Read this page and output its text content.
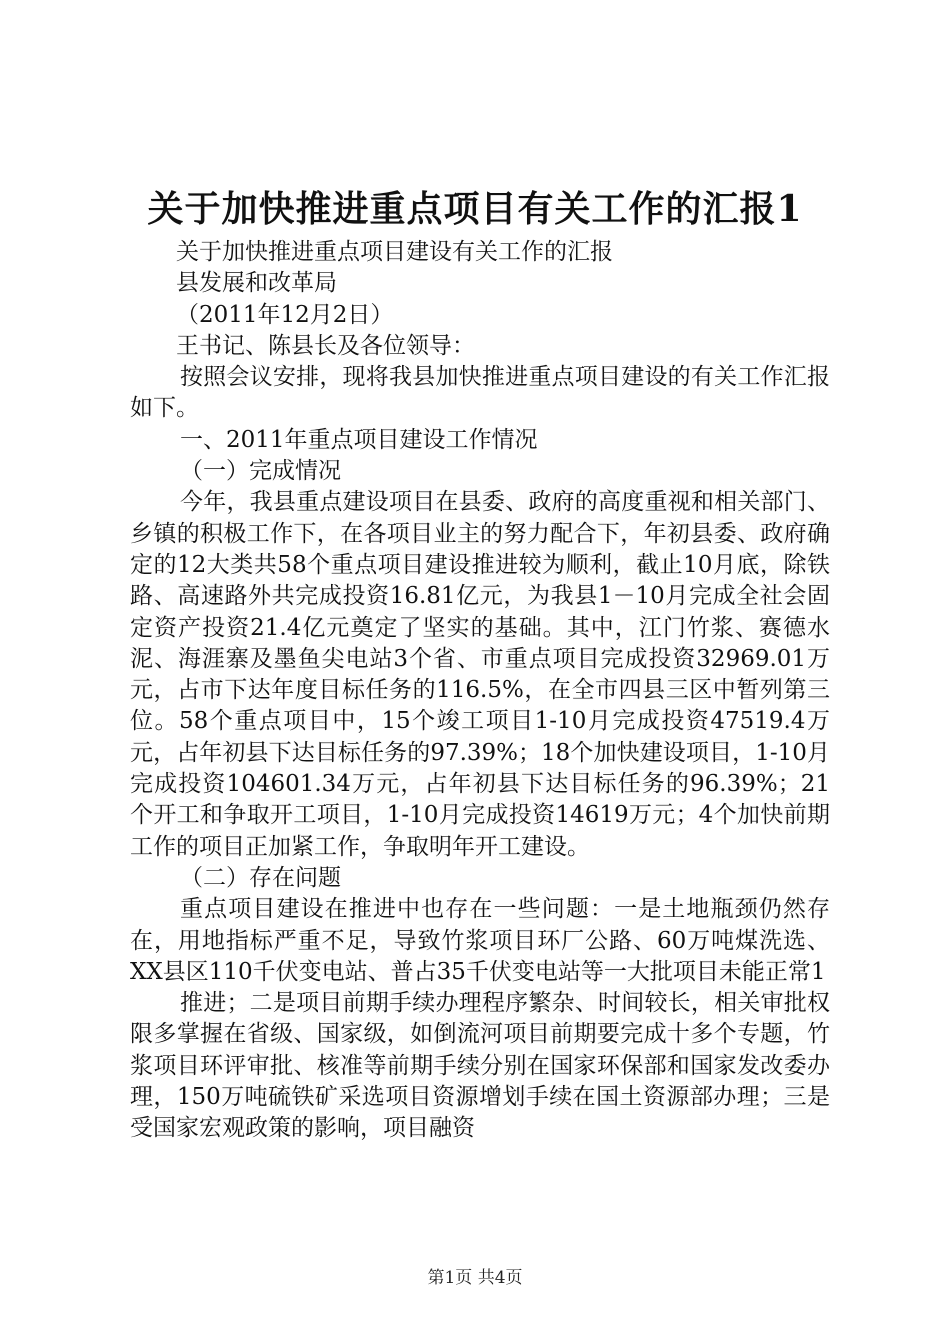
关于加快推进重点项目有关工作的汇报1

关于加快推进重点项目建设有关工作的汇报

县发展和改革局

（2011年12月2日）

王书记、陈县长及各位领导：

按照会议安排，现将我县加快推进重点项目建设的有关工作汇报如下。

一、2011年重点项目建设工作情况

（一）完成情况

今年，我县重点建设项目在县委、政府的高度重视和相关部门、乡镇的积极工作下，在各项目业主的努力配合下，年初县委、政府确定的12大类共58个重点项目建设推进较为顺利，截止10月底，除铁路、高速路外共完成投资16.81亿元，为我县1－10月完成全社会固定资产投资21.4亿元奠定了坚实的基础。其中，江门竹浆、赛德水泥、海涯寨及墨鱼尖电站3个省、市重点项目完成投资32969.01万元，占市下达年度目标任务的116.5%，在全市四县三区中暂列第三位。58个重点项目中，15个竣工项目1-10月完成投资47519.4万元，占年初县下达目标任务的97.39%；18个加快建设项目，1-10月完成投资104601.34万元，占年初县下达目标任务的96.39%；21个开工和争取开工项目，1-10月完成投资14619万元；4个加快前期工作的项目正加紧工作，争取明年开工建设。

（二）存在问题

重点项目建设在推进中也存在一些问题：一是土地瓶颈仍然存在，用地指标严重不足，导致竹浆项目环厂公路、60万吨煤洗选、XX县区110千伏变电站、普占35千伏变电站等一大批项目未能正常1

推进；二是项目前期手续办理程序繁杂、时间较长，相关审批权限多掌握在省级、国家级，如倒流河项目前期要完成十多个专题，竹浆项目环评审批、核准等前期手续分别在国家环保部和国家发改委办理，150万吨硫铁矿采选项目资源增划手续在国土资源部办理；三是受国家宏观政策的影响，项目融资

第1页 共4页
